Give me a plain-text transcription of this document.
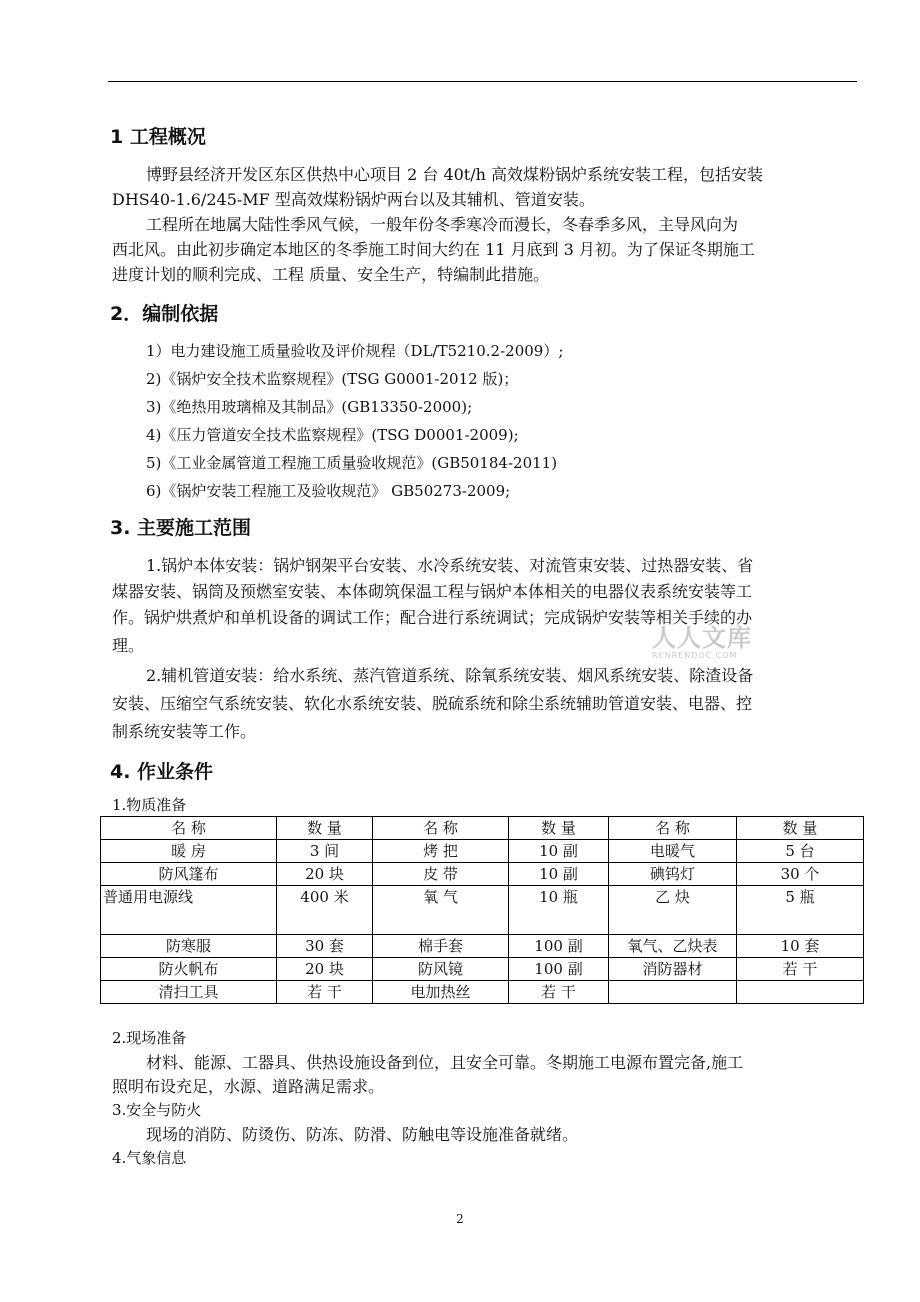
1 工程概况
博野县经济开发区东区供热中心项目 2 台 40t/h 高效煤粉锅炉系统安装工程，包括安装
DHS40-1.6/245-MF 型高效煤粉锅炉两台以及其辅机、管道安装。
工程所在地属大陆性季风气候，一般年份冬季寒冷而漫长，冬春季多风，主导风向为
西北风。由此初步确定本地区的冬季施工时间大约在 11 月底到 3 月初。为了保证冬期施工
进度计划的顺利完成、工程 质量、安全生产，特编制此措施。
2．编制依据
1）电力建设施工质量验收及评价规程（DL/T5210.2-2009）;
2)《锅炉安全技术监察规程》(TSG G0001-2012 版)；
3)《绝热用玻璃棉及其制品》(GB13350-2000);
4)《压力管道安全技术监察规程》(TSG D0001-2009);
5)《工业金属管道工程施工质量验收规范》(GB50184-2011)
6)《锅炉安装工程施工及验收规范》 GB50273-2009;
3. 主要施工范围
1.锅炉本体安装：锅炉钢架平台安装、水冷系统安装、对流管束安装、过热器安装、省
煤器安装、锅筒及预燃室安装、本体砌筑保温工程与锅炉本体相关的电器仪表系统安装等工
作。锅炉烘煮炉和单机设备的调试工作；配合进行系统调试；完成锅炉安装等相关手续的办
理。
2.辅机管道安装：给水系统、蒸汽管道系统、除氧系统安装、烟风系统安装、除渣设备
安装、压缩空气系统安装、软化水系统安装、脱硫系统和除尘系统辅助管道安装、电器、控
制系统安装等工作。
人人文库
RENRENDOC.COM
4. 作业条件
1.物质准备
名 称	数 量	名 称	数 量	名 称	数 量
暖 房	3 间	烤 把	10 副	电暖气	5 台
防风篷布	20 块	皮 带	10 副	碘钨灯	30 个
普通用电源线	400 米	氧 气	10 瓶	乙 炔	5 瓶
防寒服	30 套	棉手套	100 副	氧气、乙炔表	10 套
防火帆布	20 块	防风镜	100 副	消防器材	若 干
清扫工具	若 干	电加热丝	若 干		
2.现场准备
材料、能源、工器具、供热设施设备到位，且安全可靠。冬期施工电源布置完备,施工
照明布设充足，水源、道路满足需求。
3.安全与防火
现场的消防、防烫伤、防冻、防滑、防触电等设施准备就绪。
4.气象信息
2
